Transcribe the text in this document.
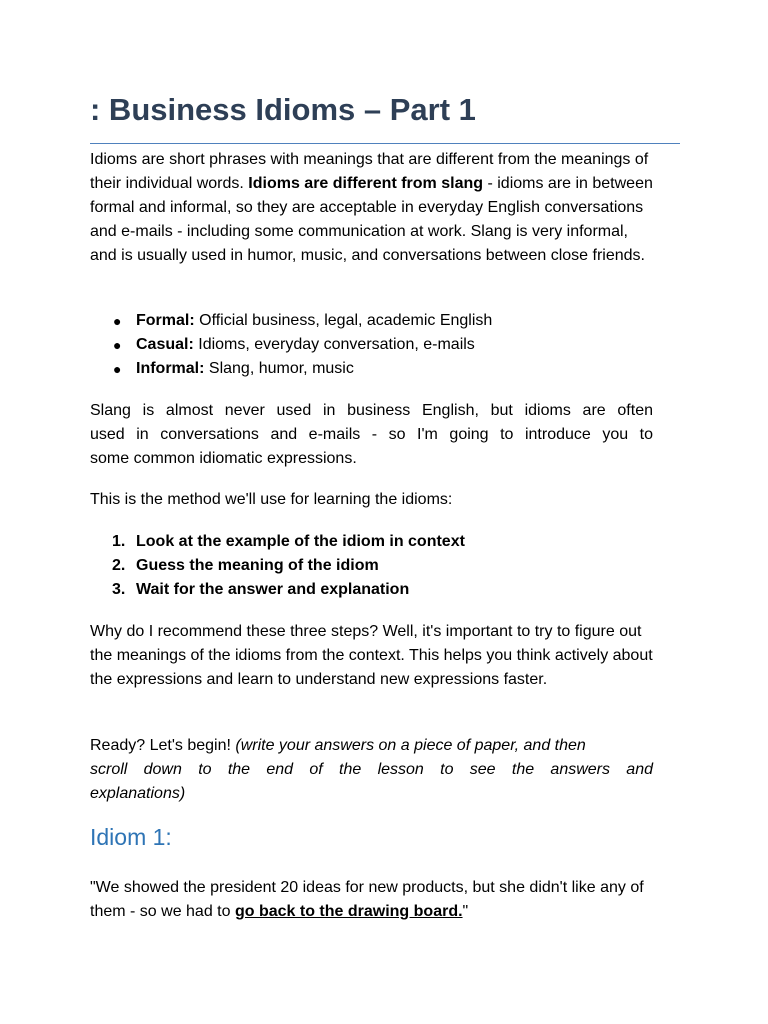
: Business Idioms – Part 1

Idioms are short phrases with meanings that are different from the meanings of their individual words. Idioms are different from slang - idioms are in between formal and informal, so they are acceptable in everyday English conversations and e-mails - including some communication at work. Slang is very informal, and is usually used in humor, music, and conversations between close friends.

● Formal: Official business, legal, academic English
● Casual: Idioms, everyday conversation, e-mails
● Informal: Slang, humor, music

Slang is almost never used in business English, but idioms are often
used in conversations and e-mails - so I'm going to introduce you to
some common idiomatic expressions.

This is the method we'll use for learning the idioms:

1. Look at the example of the idiom in context
2. Guess the meaning of the idiom
3. Wait for the answer and explanation

Why do I recommend these three steps? Well, it's important to try to figure out the meanings of the idioms from the context. This helps you think actively about the expressions and learn to understand new expressions faster.

Ready? Let's begin! (write your answers on a piece of paper, and then
scroll down to the end of the lesson to see the answers and
explanations)

Idiom 1:

"We showed the president 20 ideas for new products, but she didn't like any of them - so we had to go back to the drawing board."
